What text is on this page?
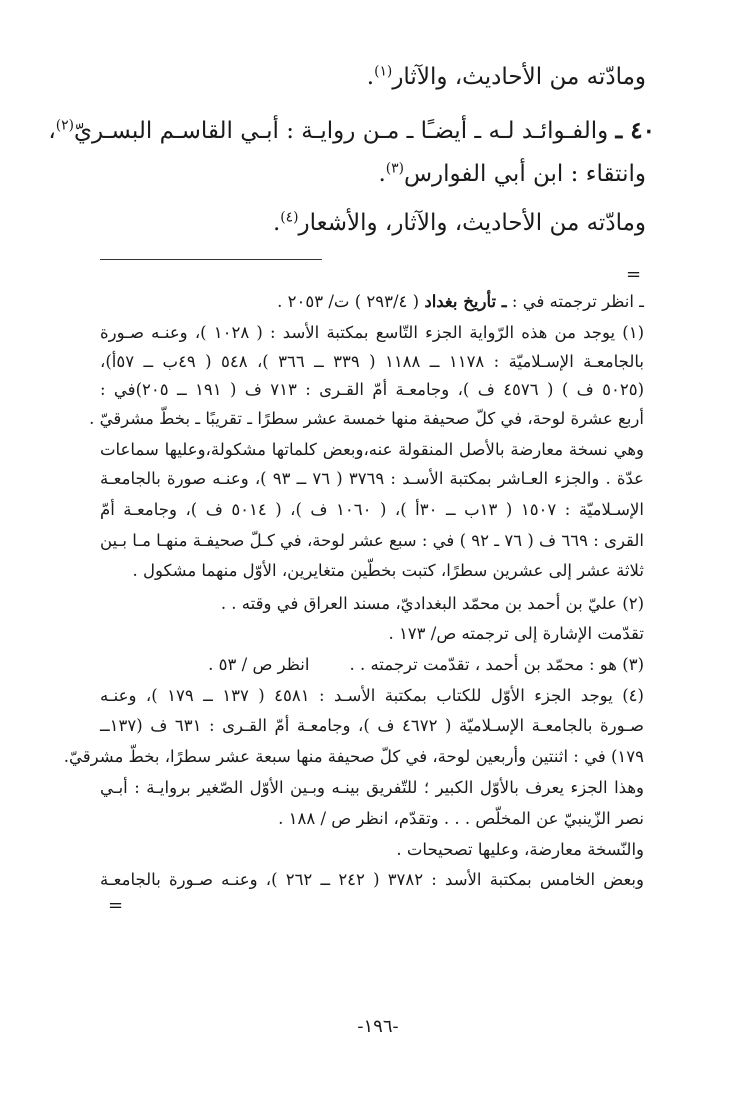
ومادّته من الأحاديث، والآثار$^{(١)}$.
٤٠ ـ والفـوائـد لـه ـ أيضـًا ـ مـن روايـة : أبـي القاسـم البسـريّ$^{(٢)}$،
وانتقاء : ابن أبي الفوارس$^{(٣)}$.
ومادّته من الأحاديث، والآثار، والأشعار$^{(٤)}$.
=
ـ انظر ترجمته في : ـ تأريخ بغداد ( ٢٩٣/٤ ) ت/ ٢٠٥٣ .
(١) يوجد من هذه الرّواية الجزء التّاسع بمكتبة الأسد : ( ١٠٢٨ )، وعنـه صـورة
بالجامعـة الإسـلاميّة : ١١٧٨ ــ ١١٨٨ ( ٣٣٩ ــ ٣٦٦ )، ٥٤٨ ( ٤٩ب ــ ٥٧أ)،
(٥٠٢٥ ف ) ( ٤٥٧٦ ف )، وجامعـة أمّ القـرى : ٧١٣ ف ( ١٩١ ــ ٢٠٥)في :
أربع عشرة لوحة، في كلّ صحيفة منها خمسة عشر سطرًا ـ تقريبًا ـ بخطّ مشرقيّ .
وهي نسخة معارضة بالأصل المنقولة عنه،وبعض كلماتها مشكولة،وعليها سماعات
عدّة . والجزء العـاشر بمكتبة الأسـد : ٣٧٦٩ ( ٧٦ ــ ٩٣ )، وعنـه صورة بالجامعـة
الإسـلاميّة : ١٥٠٧ ( ١٣ب ــ ٣٠أ )، ( ١٠٦٠ ف )، ( ٥٠١٤ ف )، وجامعـة أمّ
القرى : ٦٦٩ ف ( ٧٦ ـ ٩٢ ) في : سبع عشر لوحة، في كـلّ صحيفـة منهـا مـا بـين
ثلاثة عشر إلى عشرين سطرًا، كتبت بخطّين متغايرين، الأوّل منهما مشكول .
(٢) عليّ بن أحمد بن محمّد البغداديّ، مسند العراق في وقته . .
تقدّمت الإشارة إلى ترجمته ص/ ١٧٣ .
(٣) هو : محمّد بن أحمد ، تقدّمت ترجمته . .انظر ص / ٥٣ .
(٤) يوجد الجزء الأوّل للكتاب بمكتبة الأسـد : ٤٥٨١ ( ١٣٧ ــ ١٧٩ )، وعنـه
صـورة بالجامعـة الإسـلاميّة ( ٤٦٧٢ ف )، وجامعـة أمّ القـرى : ٦٣١ ف (١٣٧ــ
١٧٩) في : اثنتين وأربعين لوحة، في كلّ صحيفة منها سبعة عشر سطرًا، بخطّ مشرقيّ.
وهذا الجزء يعرف بالأوّل الكبير ؛ للتّفريق بينـه وبـين الأوّل الصّغير بروايـة : أبـي
نصر الزّينبيّ عن المخلّص . . . وتقدّم، انظر ص / ١٨٨ .
والنّسخة معارضة، وعليها تصحيحات .
وبعض الخامس بمكتبة الأسد : ٣٧٨٢ ( ٢٤٢ ــ ٢٦٢ )، وعنـه صـورة بالجامعـة
=
-١٩٦-
